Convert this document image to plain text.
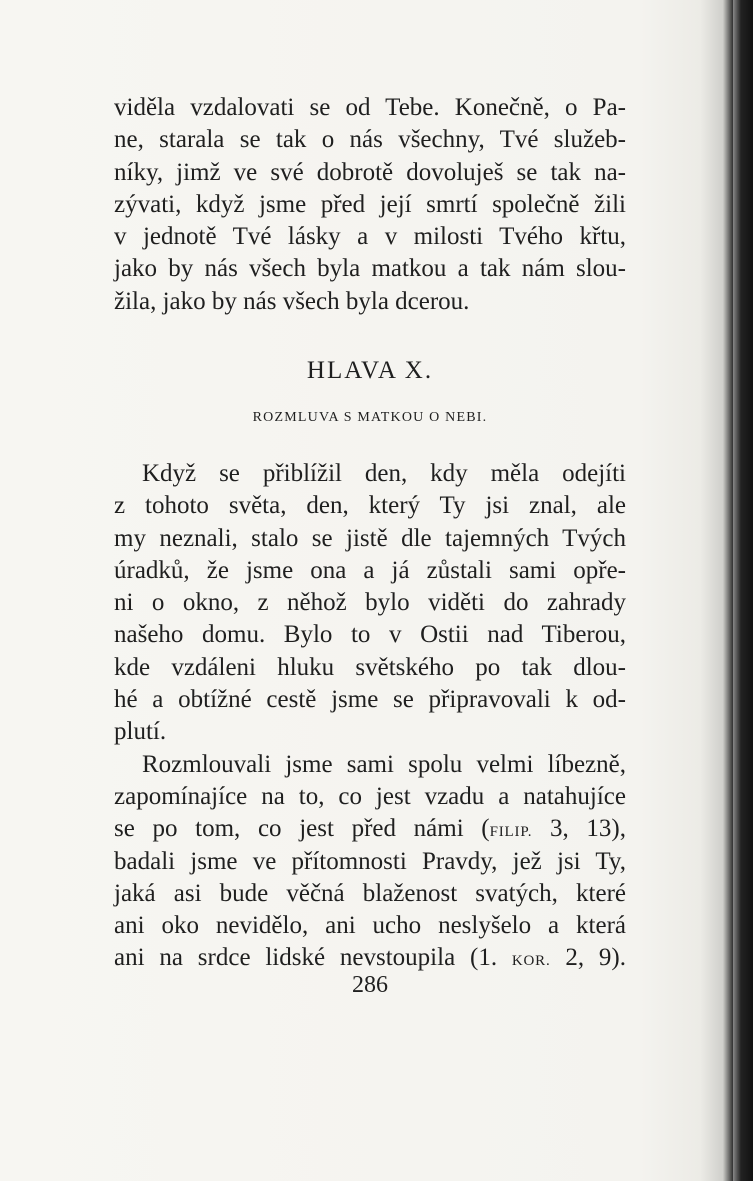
viděla vzdalovati se od Tebe. Konečně, o Pa-
ne, starala se tak o nás všechny, Tvé služeb-
níky, jimž ve své dobrotě dovoluješ se tak na-
zývati, když jsme před její smrtí společně žili
v jednotě Tvé lásky a v milosti Tvého křtu,
jako by nás všech byla matkou a tak nám slou-
žila, jako by nás všech byla dcerou.
HLAVA X.
ROZMLUVA S MATKOU O NEBI.
Když se přiblížil den, kdy měla odejíti
z tohoto světa, den, který Ty jsi znal, ale
my neznali, stalo se jistě dle tajemných Tvých
úradků, že jsme ona a já zůstali sami opře-
ni o okno, z něhož bylo viděti do zahrady
našeho domu. Bylo to v Ostii nad Tiberou,
kde vzdáleni hluku světského po tak dlou-
hé a obtížné cestě jsme se připravovali k od-
plutí.
Rozmlouvali jsme sami spolu velmi líbezně,
zapomínajíce na to, co jest vzadu a natahujíce
se po tom, co jest před námi (FILIP. 3, 13),
badali jsme ve přítomnosti Pravdy, jež jsi Ty,
jaká asi bude věčná blaženost svatých, které
ani oko nevidělo, ani ucho neslyšelo a která
ani na srdce lidské nevstoupila (1. KOR. 2, 9).
286
